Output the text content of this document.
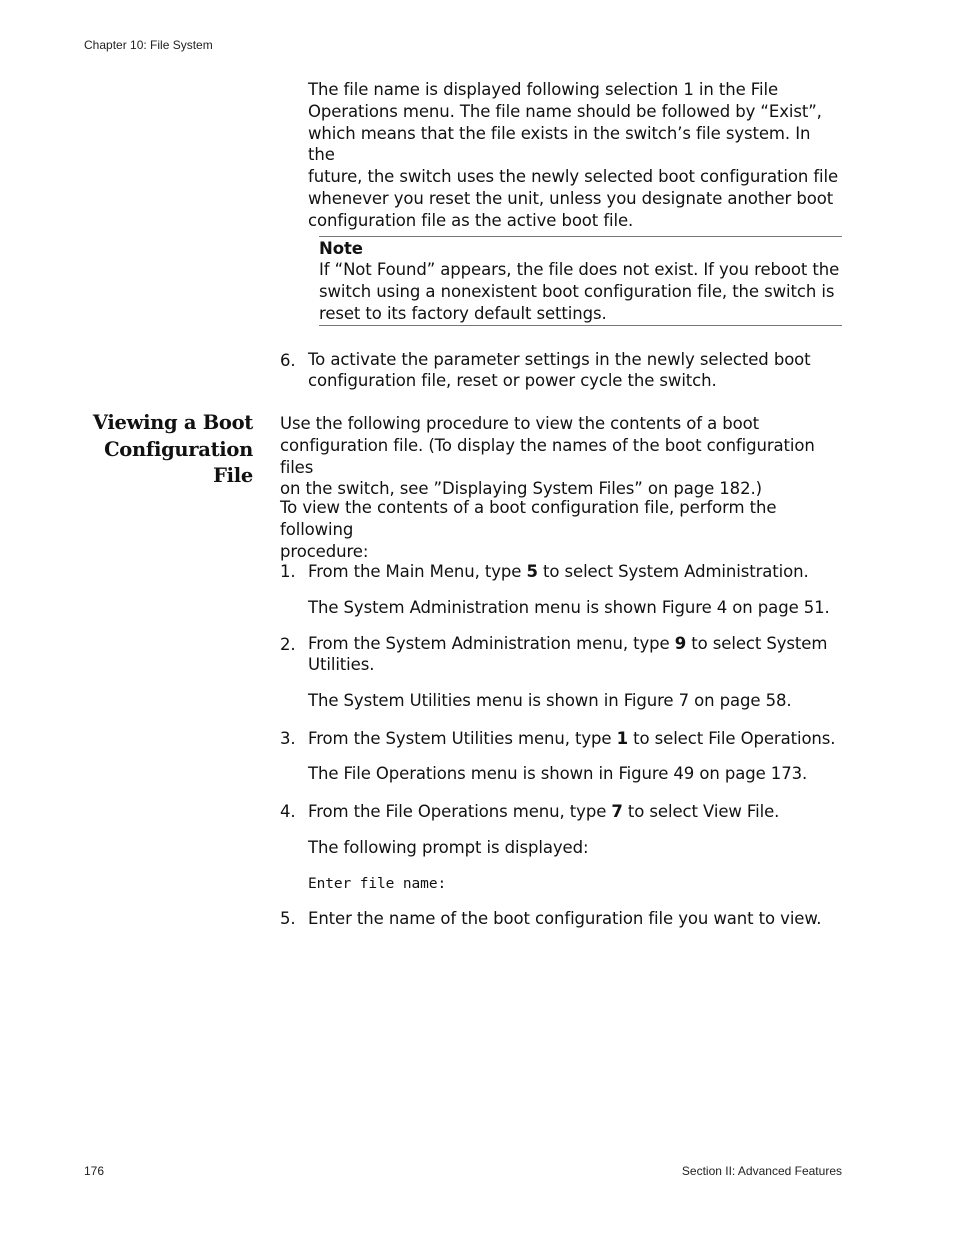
Chapter 10: File System
176	Section II: Advanced Features
The file name is displayed following selection 1 in the File
Operations menu. The file name should be followed by “Exist”,
which means that the file exists in the switch’s file system. In the
future, the switch uses the newly selected boot configuration file
whenever you reset the unit, unless you designate another boot
configuration file as the active boot file.
Note
If “Not Found” appears, the file does not exist. If you reboot the
switch using a nonexistent boot configuration file, the switch is
reset to its factory default settings.
6. To activate the parameter settings in the newly selected boot
configuration file, reset or power cycle the switch.
Viewing a Boot
Configuration
File
Use the following procedure to view the contents of a boot
configuration file. (To display the names of the boot configuration files
on the switch, see ”Displaying System Files” on page 182.)
To view the contents of a boot configuration file, perform the following
procedure:
1. From the Main Menu, type 5 to select System Administration.
The System Administration menu is shown Figure 4 on page 51.
2. From the System Administration menu, type 9 to select System
Utilities.
The System Utilities menu is shown in Figure 7 on page 58.
3. From the System Utilities menu, type 1 to select File Operations.
The File Operations menu is shown in Figure 49 on page 173.
4. From the File Operations menu, type 7 to select View File.
The following prompt is displayed:
Enter file name:
5. Enter the name of the boot configuration file you want to view.
